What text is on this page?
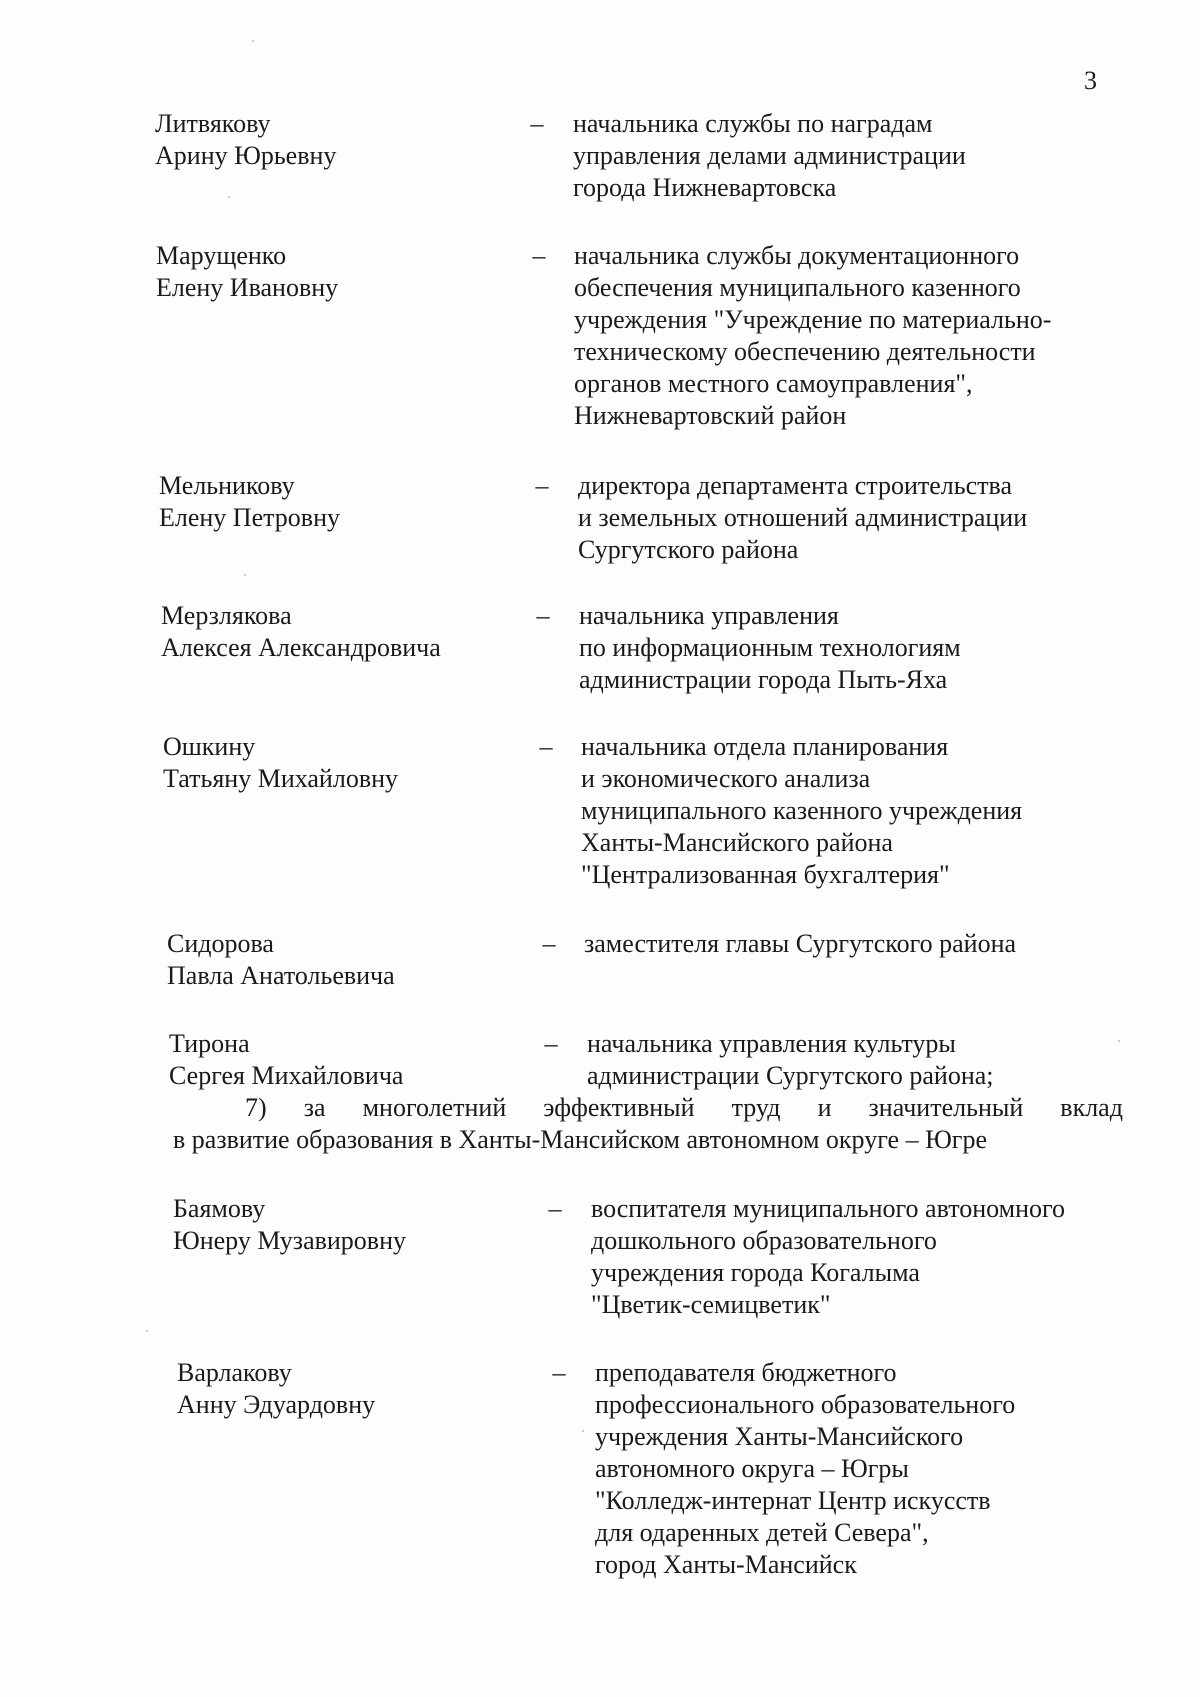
3
Литвякову
Арину Юрьевну
– начальника службы по наградам
управления делами администрации
города Нижневартовска
Марущенко
Елену Ивановну
– начальника службы документационного
обеспечения муниципального казенного
учреждения "Учреждение по материально-
техническому обеспечению деятельности
органов местного самоуправления",
Нижневартовский район
Мельникову
Елену Петровну
– директора департамента строительства
и земельных отношений администрации
Сургутского района
Мерзлякова
Алексея Александровича
– начальника управления
по информационным технологиям
администрации города Пыть-Яха
Ошкину
Татьяну Михайловну
– начальника отдела планирования
и экономического анализа
муниципального казенного учреждения
Ханты-Мансийского района
"Централизованная бухгалтерия"
Сидорова
Павла Анатольевича
– заместителя главы Сургутского района
Тирона
Сергея Михайловича
– начальника управления культуры
администрации Сургутского района;
7) за многолетний эффективный труд и значительный вклад
в развитие образования в Ханты-Мансийском автономном округе – Югре
Баямову
Юнеру Музавировну
– воспитателя муниципального автономного
дошкольного образовательного
учреждения города Когалыма
"Цветик-семицветик"
Варлакову
Анну Эдуардовну
– преподавателя бюджетного
профессионального образовательного
учреждения Ханты-Мансийского
автономного округа – Югры
"Колледж-интернат Центр искусств
для одаренных детей Севера",
город Ханты-Мансийск
